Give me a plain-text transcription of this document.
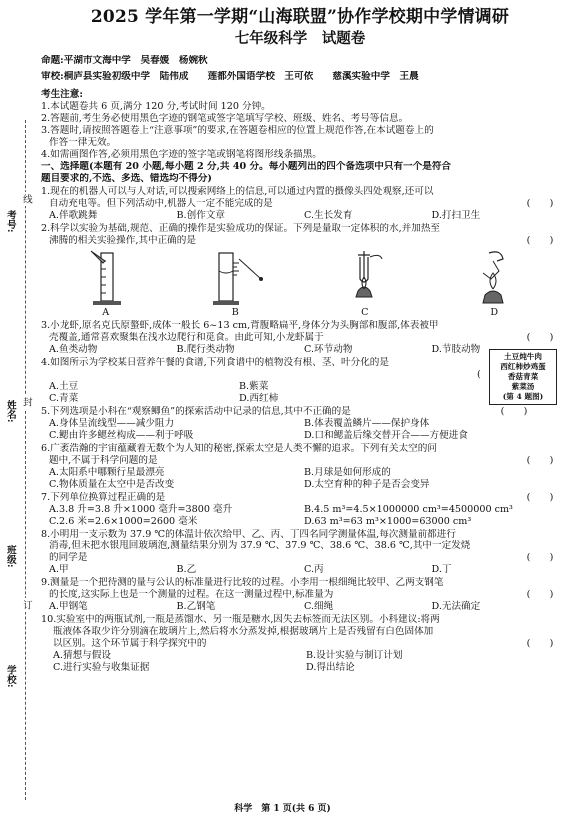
考号:
姓名:
班级:
学校:
线
封
订
2025 学年第一学期“山海联盟”协作学校期中学情调研
七年级科学　试题卷
命题:平湖市文海中学　吴春媛　杨婉秋
审校:桐庐县实验初级中学　陆伟成　　莲都外国语学校　王可依　　慈溪实验中学　王晨
考生注意:
1.本试题卷共 6 页,满分 120 分,考试时间 120 分钟。
2.答题前,考生务必使用黑色字迹的钢笔或签字笔填写学校、班级、姓名、考号等信息。
3.答题时,请按照答题卷上“注意事项”的要求,在答题卷相应的位置上规范作答,在本试题卷上的
作答一律无效。
4.如需画图作答,必须用黑色字迹的签字笔或钢笔将图形线条描黑。
一、选择题(本题有 20 小题,每小题 2 分,共 40 分。每小题列出的四个备选项中只有一个是符合
题目要求的,不选、多选、错选均不得分)
1.现在的机器人可以与人对话,可以搜索网络上的信息,可以通过内置的摄像头四处观察,还可以
(　　)
自动充电等。但下列活动中,机器人一定不能完成的是
A.伴歌跳舞	B.创作文章	C.生长发育	D.打扫卫生
2.科学以实验为基础,规范、正确的操作是实验成功的保证。下列是量取一定体积的水,并加热至
(　　)
沸腾的相关实验操作,其中正确的是
A	B	C	D
3.小龙虾,原名克氏原螯虾,成体一般长 6~13 cm,背腹略扁平,身体分为头胸部和腹部,体表被甲
(　　)
壳覆盖,通常喜欢聚集在浅水边爬行和觅食。由此可知,小龙虾属于
A.鱼类动物	B.爬行类动物	C.环节动物	D.节肢动物
土豆炖牛肉
西红柿炒鸡蛋
香菇青菜
紫菜汤
(第 4 题图)
4.如图所示为学校某日营养午餐的食谱,下列食谱中的植物没有根、茎、叶分化的是
(

A.土豆	B.紫菜
C.青菜	D.西红柿
(　　)
5.下列选项是小科在“观察鲫鱼”的探索活动中记录的信息,其中不正确的是
A.身体呈流线型——减少阻力	B.体表覆盖鳞片——保护身体
C.鳃由许多鳃丝构成——利于呼吸	D.口和鳃盖后缘交替开合——方便进食
6.广袤浩瀚的宇宙蕴藏着无数个为人知的秘密,探索太空是人类不懈的追求。下列有关太空的问
(　　)
题中,不属于科学问题的是
A.太阳系中哪颗行星最漂亮	B.月球是如何形成的
C.物体质量在太空中是否改变	D.太空育种的种子是否会变异
(　　)
7.下列单位换算过程正确的是
A.3.8 升=3.8 升×1000 毫升=3800 毫升	B.4.5 m³=4.5×1000000 cm³=4500000 cm³
C.2.6 米=2.6×1000=2600 毫米	D.63 m³=63 m³×1000=63000 cm³
8.小明用一支示数为 37.9 ℃的体温计依次给甲、乙、丙、丁四名同学测量体温,每次测量前都进行
消毒,但未把水银甩回玻璃泡,测量结果分别为 37.9 ℃、37.9 ℃、38.6 ℃、38.6 ℃,其中一定发烧
(　　)
的同学是
A.甲	B.乙	C.丙	D.丁
9.测量是一个把待测的量与公认的标准量进行比较的过程。小李用一根细绳比较甲、乙两支钢笔
(　　)
的长度,这实际上也是一个测量的过程。在这一测量过程中,标准量为
A.甲钢笔	B.乙钢笔	C.细绳	D.无法确定
10.实验室中的两瓶试剂,一瓶是蒸馏水、另一瓶是糖水,因失去标签而无法区别。小科建议:将两
瓶液体各取少许分别滴在玻璃片上,然后将水分蒸发掉,根据玻璃片上是否残留有白色固体加
(　　)
以区别。这个环节属于科学探究中的
A.猜想与假设	B.设计实验与制订计划
C.进行实验与收集证据	D.得出结论
科学　第 1 页(共 6 页)
